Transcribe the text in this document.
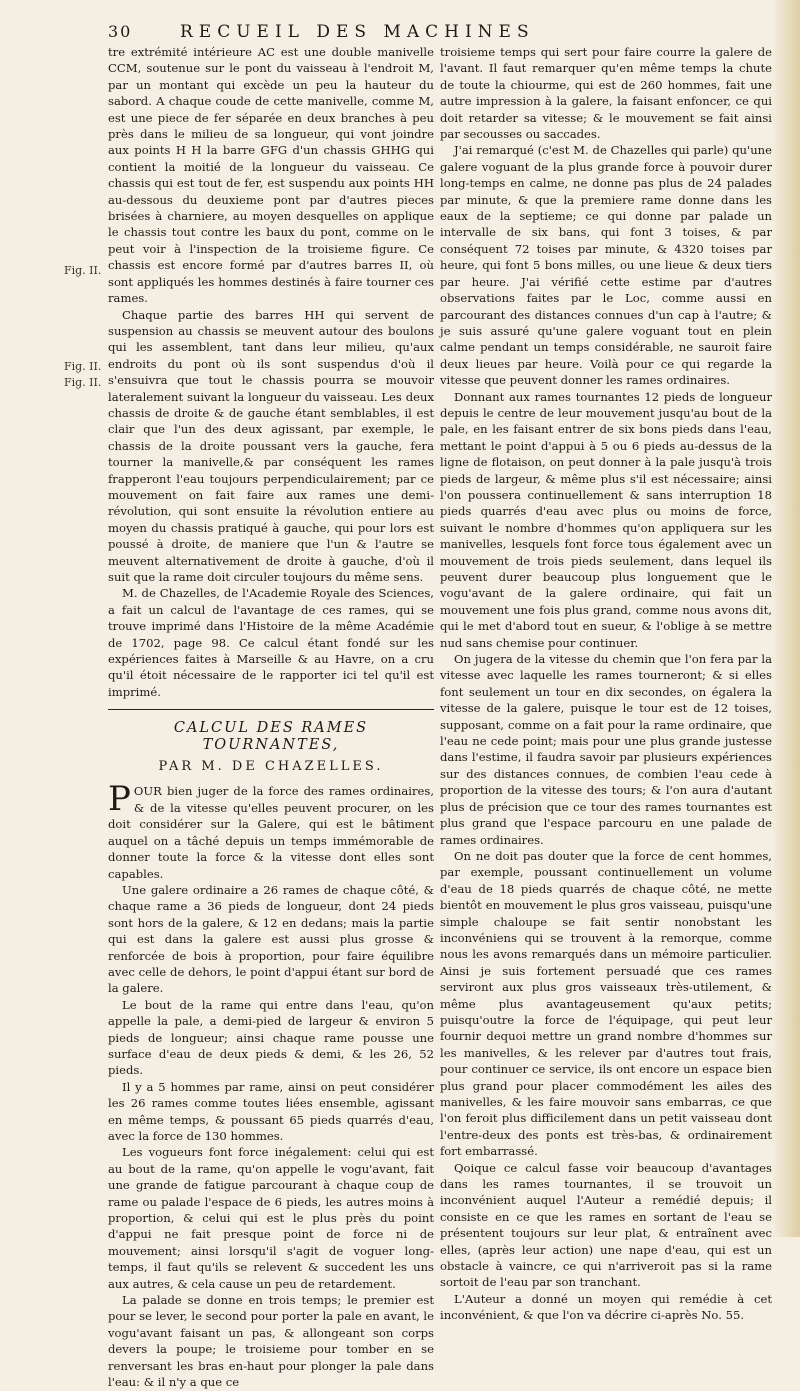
30	RECUEIL DES MACHINES
Fig. II.
Fig. II.
Fig. II.

tre extrémité intérieure AC est une double manivelle CCM, soutenue sur le pont du vaisseau à l'endroit M, par un montant qui excède un peu la hauteur du sabord. A chaque coude de cette manivelle, comme M, est une piece de fer séparée en deux branches à peu près dans le milieu de sa longueur, qui vont joindre aux points H H la barre GFG d'un chassis GHHG qui contient la moitié de la longueur du vaisseau. Ce chassis qui est tout de fer, est suspendu aux points HH au-dessous du deuxieme pont par d'autres pieces brisées à charniere, au moyen desquelles on applique le chassis tout contre les baux du pont, comme on le peut voir à l'inspection de la troisieme figure. Ce chassis est encore formé par d'autres barres II, où sont appliqués les hommes destinés à faire tourner ces rames.

Chaque partie des barres HH qui servent de suspension au chassis se meuvent autour des boulons qui les assemblent, tant dans leur milieu, qu'aux endroits du pont où ils sont suspendus d'où il s'ensuivra que tout le chassis pourra se mouvoir lateralement suivant la longueur du vaisseau. Les deux chassis de droite & de gauche étant semblables, il est clair que l'un des deux agissant, par exemple, le chassis de la droite poussant vers la gauche, fera tourner la manivelle,& par conséquent les rames frapperont l'eau toujours perpendiculairement; par ce mouvement on fait faire aux rames une demi-révolution, qui sont ensuite la révolution entiere au moyen du chassis pratiqué à gauche, qui pour lors est poussé à droite, de maniere que l'un & l'autre se meuvent alternativement de droite à gauche, d'où il suit que la rame doit circuler toujours du même sens.

M. de Chazelles, de l'Academie Royale des Sciences, a fait un calcul de l'avantage de ces rames, qui se trouve imprimé dans l'Histoire de la même Académie de 1702, page 98. Ce calcul étant fondé sur les expériences faites à Marseille & au Havre, on a cru qu'il étoit nécessaire de le rapporter ici tel qu'il est imprimé.

CALCUL DES RAMES TOURNANTES,
PAR M. DE CHAZELLES.

POUR bien juger de la force des rames ordinaires, & de la vitesse qu'elles peuvent procurer, on les doit considérer sur la Galere, qui est le bâtiment auquel on a tâché depuis un temps immémorable de donner toute la force & la vitesse dont elles sont capables.

Une galere ordinaire a 26 rames de chaque côté, & chaque rame a 36 pieds de longueur, dont 24 pieds sont hors de la galere, & 12 en dedans; mais la partie qui est dans la galere est aussi plus grosse & renforcée de bois à proportion, pour faire équilibre avec celle de dehors, le point d'appui étant sur bord de la galere.

Le bout de la rame qui entre dans l'eau, qu'on appelle la pale, a demi-pied de largeur & environ 5 pieds de longueur; ainsi chaque rame pousse une surface d'eau de deux pieds & demi, & les 26, 52 pieds.

Il y a 5 hommes par rame, ainsi on peut considérer les 26 rames comme toutes liées ensemble, agissant en même temps, & poussant 65 pieds quarrés d'eau, avec la force de 130 hommes.

Les vogueurs font force inégalement: celui qui est au bout de la rame, qu'on appelle le vogu'avant, fait une grande de fatigue parcourant à chaque coup de rame ou palade l'espace de 6 pieds, les autres moins à proportion, & celui qui est le plus près du point d'appui ne fait presque point de force ni de mouvement; ainsi lorsqu'il s'agit de voguer long-temps, il faut qu'ils se relevent & succedent les uns aux autres, & cela cause un peu de retardement.

La palade se donne en trois temps; le premier est pour se lever, le second pour porter la pale en avant, le vogu'avant faisant un pas, & allongeant son corps devers la poupe; le troisieme pour tomber en se renversant les bras en-haut pour plonger la pale dans l'eau: & il n'y a que ce

troisieme temps qui sert pour faire courre la galere de l'avant. Il faut remarquer qu'en même temps la chute de toute la chiourme, qui est de 260 hommes, fait une autre impression à la galere, la faisant enfoncer, ce qui doit retarder sa vitesse; & le mouvement se fait ainsi par secousses ou saccades.

J'ai remarqué (c'est M. de Chazelles qui parle) qu'une galere voguant de la plus grande force à pouvoir durer long-temps en calme, ne donne pas plus de 24 palades par minute, & que la premiere rame donne dans les eaux de la septieme; ce qui donne par palade un intervalle de six bans, qui font 3 toises, & par conséquent 72 toises par minute, & 4320 toises par heure, qui font 5 bons milles, ou une lieue & deux tiers par heure. J'ai vérifié cette estime par d'autres observations faites par le Loc, comme aussi en parcourant des distances connues d'un cap à l'autre; & je suis assuré qu'une galere voguant tout en plein calme pendant un temps considérable, ne sauroit faire deux lieues par heure. Voilà pour ce qui regarde la vitesse que peuvent donner les rames ordinaires.

Donnant aux rames tournantes 12 pieds de longueur depuis le centre de leur mouvement jusqu'au bout de la pale, en les faisant entrer de six bons pieds dans l'eau, mettant le point d'appui à 5 ou 6 pieds au-dessus de la ligne de flotaison, on peut donner à la pale jusqu'à trois pieds de largeur, & même plus s'il est nécessaire; ainsi l'on poussera continuellement & sans interruption 18 pieds quarrés d'eau avec plus ou moins de force, suivant le nombre d'hommes qu'on appliquera sur les manivelles, lesquels font force tous également avec un mouvement de trois pieds seulement, dans lequel ils peuvent durer beaucoup plus longuement que le vogu'avant de la galere ordinaire, qui fait un mouvement une fois plus grand, comme nous avons dit, qui le met d'abord tout en sueur, & l'oblige à se mettre nud sans chemise pour continuer.

On jugera de la vitesse du chemin que l'on fera par la vitesse avec laquelle les rames tourneront; & si elles font seulement un tour en dix secondes, on égalera la vitesse de la galere, puisque le tour est de 12 toises, supposant, comme on a fait pour la rame ordinaire, que l'eau ne cede point; mais pour une plus grande justesse dans l'estime, il faudra savoir par plusieurs expériences sur des distances connues, de combien l'eau cede à proportion de la vitesse des tours; & l'on aura d'autant plus de précision que ce tour des rames tournantes est plus grand que l'espace parcouru en une palade de rames ordinaires.

On ne doit pas douter que la force de cent hommes, par exemple, poussant continuellement un volume d'eau de 18 pieds quarrés de chaque côté, ne mette bientôt en mouvement le plus gros vaisseau, puisqu'une simple chaloupe se fait sentir nonobstant les inconvéniens qui se trouvent à la remorque, comme nous les avons remarqués dans un mémoire particulier. Ainsi je suis fortement persuadé que ces rames serviront aux plus gros vaisseaux très-utilement, & même plus avantageusement qu'aux petits; puisqu'outre la force de l'équipage, qui peut leur fournir dequoi mettre un grand nombre d'hommes sur les manivelles, & les relever par d'autres tout frais, pour continuer ce service, ils ont encore un espace bien plus grand pour placer commodément les ailes des manivelles, & les faire mouvoir sans embarras, ce que l'on feroit plus difficilement dans un petit vaisseau dont l'entre-deux des ponts est très-bas, & ordinairement fort embarrassé.

Qoique ce calcul fasse voir beaucoup d'avantages dans les rames tournantes, il se trouvoit un inconvénient auquel l'Auteur a remédié depuis; il consiste en ce que les rames en sortant de l'eau se présentent toujours sur leur plat, & entraînent avec elles, (après leur action) une nape d'eau, qui est un obstacle à vaincre, ce qui n'arriveroit pas si la rame sortoit de l'eau par son tranchant.

L'Auteur a donné un moyen qui remédie à cet inconvénient, & que l'on va décrire ci-après No. 55.
